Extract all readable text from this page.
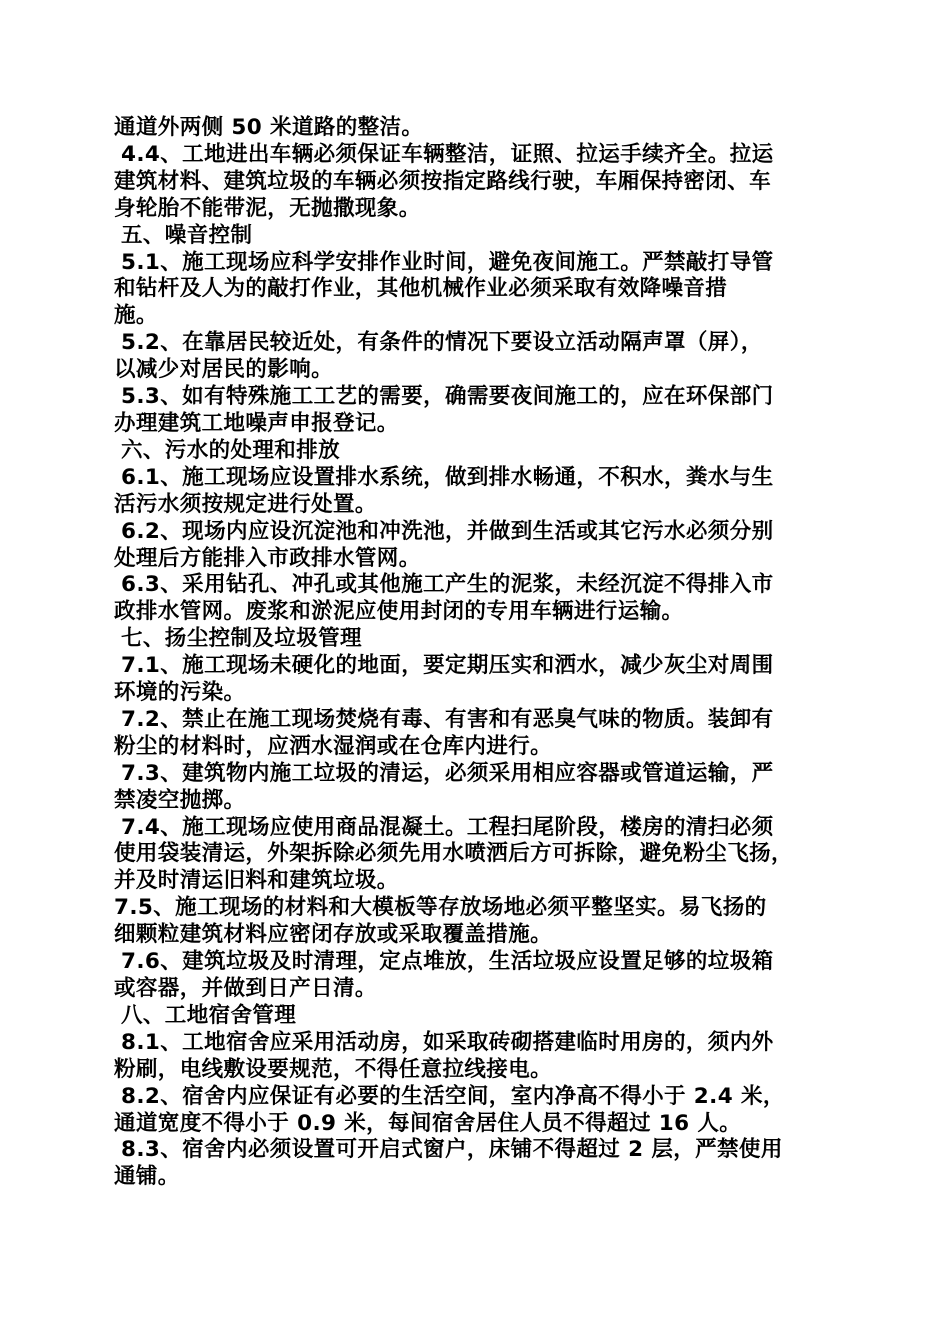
通道外两侧 50 米道路的整洁。
4.4、工地进出车辆必须保证车辆整洁，证照、拉运手续齐全。拉运
建筑材料、建筑垃圾的车辆必须按指定路线行驶，车厢保持密闭、车
身轮胎不能带泥，无抛撒现象。
五、噪音控制
5.1、施工现场应科学安排作业时间，避免夜间施工。严禁敲打导管
和钻杆及人为的敲打作业，其他机械作业必须采取有效降噪音措
施。
5.2、在靠居民较近处，有条件的情况下要设立活动隔声罩（屏），
以减少对居民的影响。
5.3、如有特殊施工工艺的需要，确需要夜间施工的，应在环保部门
办理建筑工地噪声申报登记。
六、污水的处理和排放
6.1、施工现场应设置排水系统，做到排水畅通，不积水，粪水与生
活污水须按规定进行处置。
6.2、现场内应设沉淀池和冲洗池，并做到生活或其它污水必须分别
处理后方能排入市政排水管网。
6.3、采用钻孔、冲孔或其他施工产生的泥浆，未经沉淀不得排入市
政排水管网。废浆和淤泥应使用封闭的专用车辆进行运输。
七、扬尘控制及垃圾管理
7.1、施工现场未硬化的地面，要定期压实和洒水，减少灰尘对周围
环境的污染。
7.2、禁止在施工现场焚烧有毒、有害和有恶臭气味的物质。装卸有
粉尘的材料时，应洒水湿润或在仓库内进行。
7.3、建筑物内施工垃圾的清运，必须采用相应容器或管道运输，严
禁凌空抛掷。
7.4、施工现场应使用商品混凝土。工程扫尾阶段，楼房的清扫必须
使用袋装清运，外架拆除必须先用水喷洒后方可拆除，避免粉尘飞扬，
并及时清运旧料和建筑垃圾。
7.5、施工现场的材料和大模板等存放场地必须平整坚实。易飞扬的
细颗粒建筑材料应密闭存放或采取覆盖措施。
7.6、建筑垃圾及时清理，定点堆放，生活垃圾应设置足够的垃圾箱
或容器，并做到日产日清。
八、工地宿舍管理
8.1、工地宿舍应采用活动房，如采取砖砌搭建临时用房的，须内外
粉刷，电线敷设要规范，不得任意拉线接电。
8.2、宿舍内应保证有必要的生活空间，室内净高不得小于 2.4 米，
通道宽度不得小于 0.9 米，每间宿舍居住人员不得超过 16 人。
8.3、宿舍内必须设置可开启式窗户，床铺不得超过 2 层，严禁使用
通铺。
